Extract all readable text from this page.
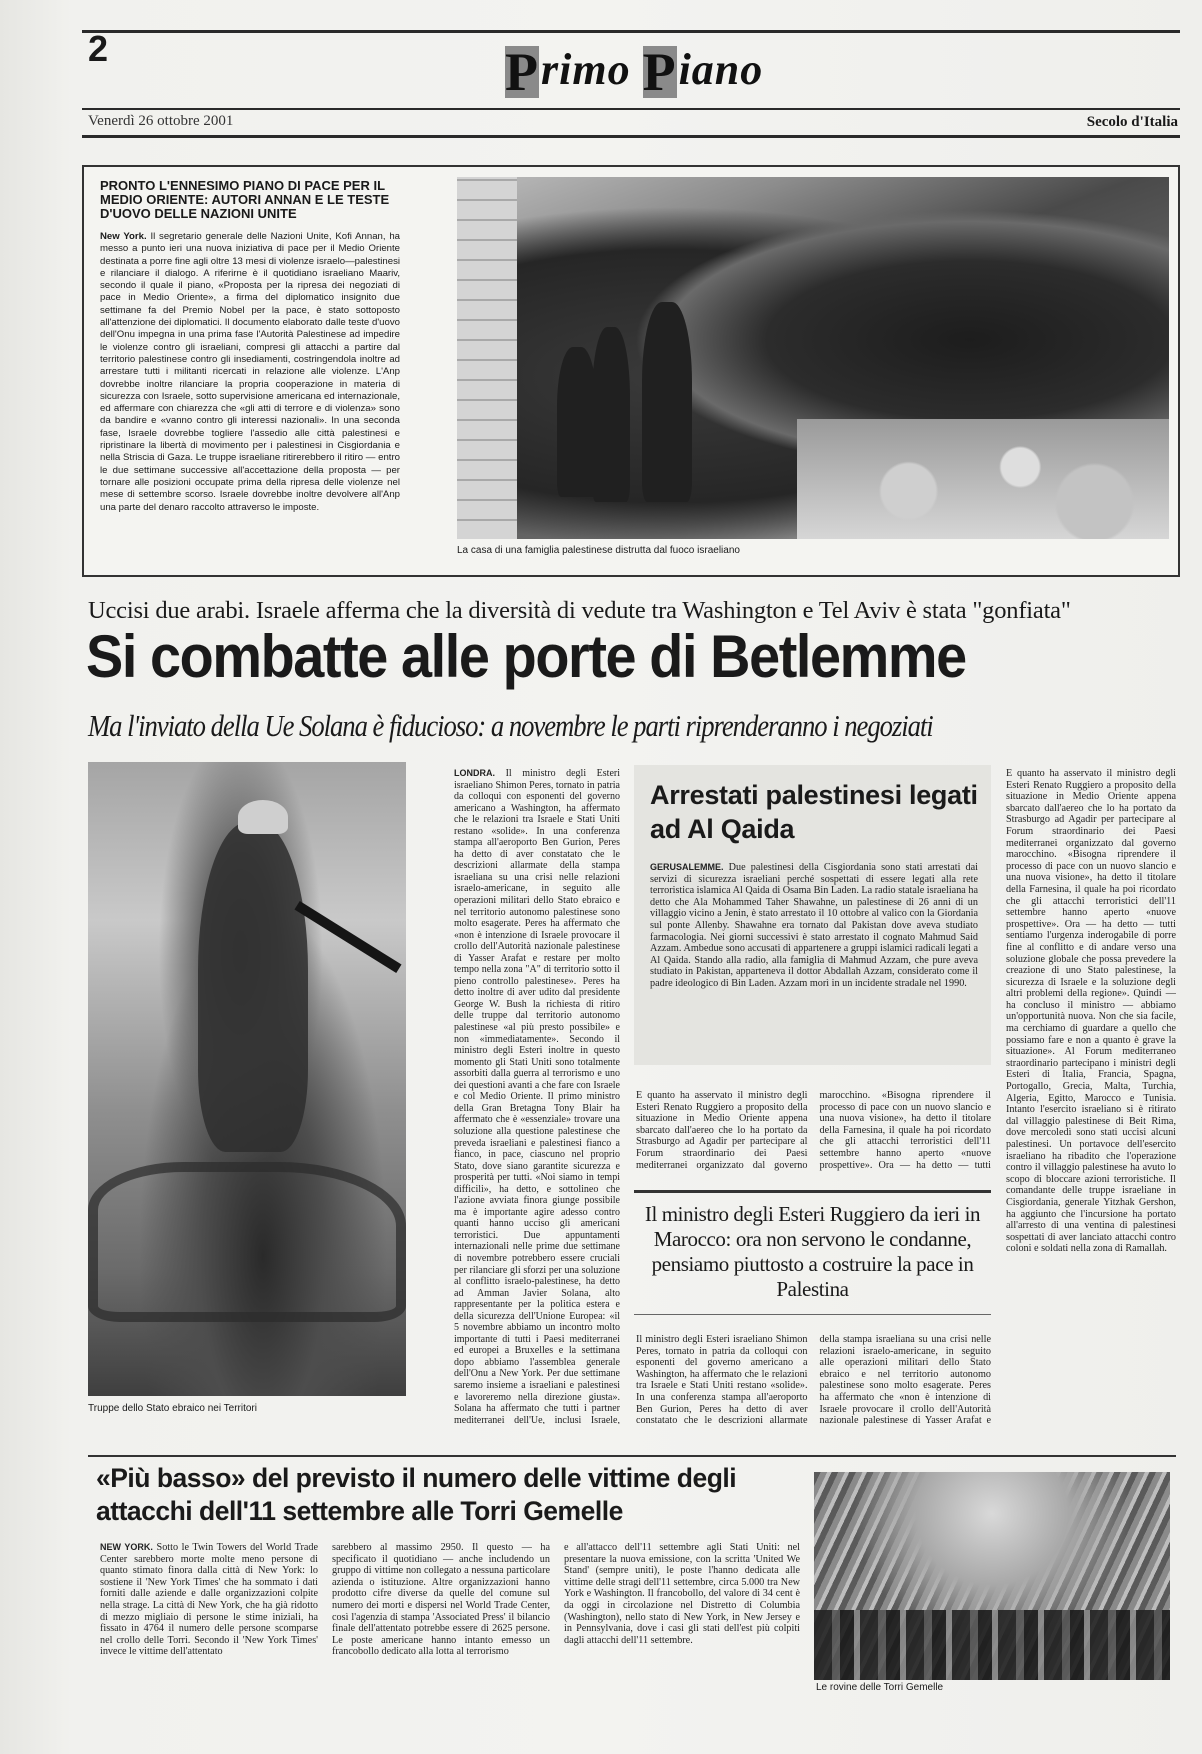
2	Primo Piano
Venerdì 26 ottobre 2001	Secolo d'Italia
PRONTO L'ENNESIMO PIANO DI PACE PER IL MEDIO ORIENTE: AUTORI ANNAN E LE TESTE D'UOVO DELLE NAZIONI UNITE
New York. Il segretario generale delle Nazioni Unite, Kofi Annan, ha messo a punto ieri una nuova iniziativa di pace per il Medio Oriente destinata a porre fine agli oltre 13 mesi di violenze israelo—palestinesi e rilanciare il dialogo. A riferirne è il quotidiano israeliano Maariv, secondo il quale il piano, «Proposta per la ripresa dei negoziati di pace in Medio Oriente», a firma del diplomatico insignito due settimane fa del Premio Nobel per la pace, è stato sottoposto all'attenzione dei diplomatici. Il documento elaborato dalle teste d'uovo dell'Onu impegna in una prima fase l'Autorità Palestinese ad impedire le violenze contro gli israeliani, compresi gli attacchi a partire dal territorio palestinese contro gli insediamenti, costringendola inoltre ad arrestare tutti i militanti ricercati in relazione alle violenze. L'Anp dovrebbe inoltre rilanciare la propria cooperazione in materia di sicurezza con Israele, sotto supervisione americana ed internazionale, ed affermare con chiarezza che «gli atti di terrore e di violenza» sono da bandire e «vanno contro gli interessi nazionali». In una seconda fase, Israele dovrebbe togliere l'assedio alle città palestinesi e ripristinare la libertà di movimento per i palestinesi in Cisgiordania e nella Striscia di Gaza. Le truppe israeliane ritirerebbero il ritiro — entro le due settimane successive all'accettazione della proposta — per tornare alle posizioni occupate prima della ripresa delle violenze nel mese di settembre scorso. Israele dovrebbe inoltre devolvere all'Anp una parte del denaro raccolto attraverso le imposte.
La casa di una famiglia palestinese distrutta dal fuoco israeliano
Uccisi due arabi. Israele afferma che la diversità di vedute tra Washington e Tel Aviv è stata "gonfiata"
Si combatte alle porte di Betlemme
Ma l'inviato della Ue Solana è fiducioso: a novembre le parti riprenderanno i negoziati
Truppe dello Stato ebraico nei Territori
LONDRA. Il ministro degli Esteri israeliano Shimon Peres, tornato in patria da colloqui con esponenti del governo americano a Washington, ha affermato che le relazioni tra Israele e Stati Uniti restano «solide». In una conferenza stampa all'aeroporto Ben Gurion, Peres ha detto di aver constatato che le descrizioni allarmate della stampa israeliana su una crisi nelle relazioni israelo-americane, in seguito alle operazioni militari dello Stato ebraico e nel territorio autonomo palestinese sono molto esagerate. Peres ha affermato che «non è intenzione di Israele provocare il crollo dell'Autorità nazionale palestinese di Yasser Arafat e restare per molto tempo nella zona "A" di territorio sotto il pieno controllo palestinese». Peres ha detto inoltre di aver udito dal presidente George W. Bush la richiesta di ritiro delle truppe dal territorio autonomo palestinese «al più presto possibile» e non «immediatamente». Secondo il ministro degli Esteri inoltre in questo momento gli Stati Uniti sono totalmente assorbiti dalla guerra al terrorismo e uno dei questioni avanti a che fare con Israele e col Medio Oriente. Il primo ministro della Gran Bretagna Tony Blair ha affermato che è «essenziale» trovare una soluzione alla questione palestinese che preveda israeliani e palestinesi fianco a fianco, in pace, ciascuno nel proprio Stato, dove siano garantite sicurezza e prosperità per tutti. «Noi siamo in tempi difficili», ha detto, e sottolineo che l'azione avviata finora giunge possibile ma è importante agire adesso contro quanti hanno ucciso gli americani terroristici. Due appuntamenti internazionali nelle prime due settimane di novembre potrebbero essere cruciali per rilanciare gli sforzi per una soluzione al conflitto israelo-palestinese, ha detto ad Amman Javier Solana, alto rappresentante per la politica estera e della sicurezza dell'Unione Europea: «il 5 novembre abbiamo un incontro molto importante di tutti i Paesi mediterranei ed europei a Bruxelles e la settimana dopo abbiamo l'assemblea generale dell'Onu a New York. Per due settimane saremo insieme a israeliani e palestinesi e lavoreremo nella direzione giusta». Solana ha affermato che tutti i partner mediterranei dell'Ue, inclusi Israele,
Arrestati palestinesi legati ad Al Qaida
GERUSALEMME. Due palestinesi della Cisgiordania sono stati arrestati dai servizi di sicurezza israeliani perché sospettati di essere legati alla rete terroristica islamica Al Qaida di Osama Bin Laden. La radio statale israeliana ha detto che Ala Mohammed Taher Shawahne, un palestinese di 26 anni di un villaggio vicino a Jenin, è stato arrestato il 10 ottobre al valico con la Giordania sul ponte Allenby. Shawahne era tornato dal Pakistan dove aveva studiato farmacologia. Nei giorni successivi è stato arrestato il cognato Mahmud Said Azzam. Ambedue sono accusati di appartenere a gruppi islamici radicali legati a Al Qaida. Stando alla radio, alla famiglia di Mahmud Azzam, che pure aveva studiato in Pakistan, apparteneva il dottor Abdallah Azzam, considerato come il padre ideologico di Bin Laden. Azzam morì in un incidente stradale nel 1990.
E quanto ha asservato il ministro degli Esteri Renato Ruggiero a proposito della situazione in Medio Oriente appena sbarcato dall'aereo che lo ha portato da Strasburgo ad Agadir per partecipare al Forum straordinario dei Paesi mediterranei organizzato dal governo marocchino. «Bisogna riprendere il processo di pace con un nuovo slancio e una nuova visione», ha detto il titolare della Farnesina, il quale ha poi ricordato che gli attacchi terroristici dell'11 settembre hanno aperto «nuove prospettive». Ora — ha detto — tutti
Il ministro degli Esteri Ruggiero da ieri in Marocco: ora non servono le condanne, pensiamo piuttosto a costruire la pace in Palestina
Il ministro degli Esteri israeliano Shimon Peres, tornato in patria da colloqui con esponenti del governo americano a Washington, ha affermato che le relazioni tra Israele e Stati Uniti restano «solide». In una conferenza stampa all'aeroporto Ben Gurion, Peres ha detto di aver constatato che le descrizioni allarmate della stampa israeliana su una crisi nelle relazioni israelo-americane, in seguito alle operazioni militari dello Stato ebraico e nel territorio autonomo palestinese sono molto esagerate. Peres ha affermato che «non è intenzione di Israele provocare il crollo dell'Autorità nazionale palestinese di Yasser Arafat e
E quanto ha asservato il ministro degli Esteri Renato Ruggiero a proposito della situazione in Medio Oriente appena sbarcato dall'aereo che lo ha portato da Strasburgo ad Agadir per partecipare al Forum straordinario dei Paesi mediterranei organizzato dal governo marocchino. «Bisogna riprendere il processo di pace con un nuovo slancio e una nuova visione», ha detto il titolare della Farnesina, il quale ha poi ricordato che gli attacchi terroristici dell'11 settembre hanno aperto «nuove prospettive». Ora — ha detto — tutti sentiamo l'urgenza inderogabile di porre fine al conflitto e di andare verso una soluzione globale che possa prevedere la creazione di uno Stato palestinese, la sicurezza di Israele e la soluzione degli altri problemi della regione». Quindi — ha concluso il ministro — abbiamo un'opportunità nuova. Non che sia facile, ma cerchiamo di guardare a quello che possiamo fare e non a quanto è grave la situazione». Al Forum mediterraneo straordinario partecipano i ministri degli Esteri di Italia, Francia, Spagna, Portogallo, Grecia, Malta, Turchia, Algeria, Egitto, Marocco e Tunisia. Intanto l'esercito israeliano si è ritirato dal villaggio palestinese di Beit Rima, dove mercoledì sono stati uccisi alcuni palestinesi. Un portavoce dell'esercito israeliano ha ribadito che l'operazione contro il villaggio palestinese ha avuto lo scopo di bloccare azioni terroristiche. Il comandante delle truppe israeliane in Cisgiordania, generale Yitzhak Gershon, ha aggiunto che l'incursione ha portato all'arresto di una ventina di palestinesi sospettati di aver lanciato attacchi contro coloni e soldati nella zona di Ramallah.
«Più basso» del previsto il numero delle vittime degli attacchi dell'11 settembre alle Torri Gemelle
NEW YORK. Sotto le Twin Towers del World Trade Center sarebbero morte molte meno persone di quanto stimato finora dalla città di New York: lo sostiene il 'New York Times' che ha sommato i dati forniti dalle aziende e dalle organizzazioni colpite nella strage. La città di New York, che ha già ridotto di mezzo migliaio di persone le stime iniziali, ha fissato in 4764 il numero delle persone scomparse nel crollo delle Torri. Secondo il 'New York Times' invece le vittime dell'attentato
sarebbero al massimo 2950. Il questo — ha specificato il quotidiano — anche includendo un gruppo di vittime non collegato a nessuna particolare azienda o istituzione. Altre organizzazioni hanno prodotto cifre diverse da quelle del comune sul numero dei morti e dispersi nel World Trade Center, così l'agenzia di stampa 'Associated Press' il bilancio finale dell'attentato potrebbe essere di 2625 persone. Le poste americane hanno intanto emesso un francobollo dedicato alla lotta al terrorismo
e all'attacco dell'11 settembre agli Stati Uniti: nel presentare la nuova emissione, con la scritta 'United We Stand' (sempre uniti), le poste l'hanno dedicata alle vittime delle stragi dell'11 settembre, circa 5.000 tra New York e Washington. Il francobollo, del valore di 34 cent è da oggi in circolazione nel Distretto di Columbia (Washington), nello stato di New York, in New Jersey e in Pennsylvania, dove i casi gli stati dell'est più colpiti dagli attacchi dell'11 settembre.
Le rovine delle Torri Gemelle
